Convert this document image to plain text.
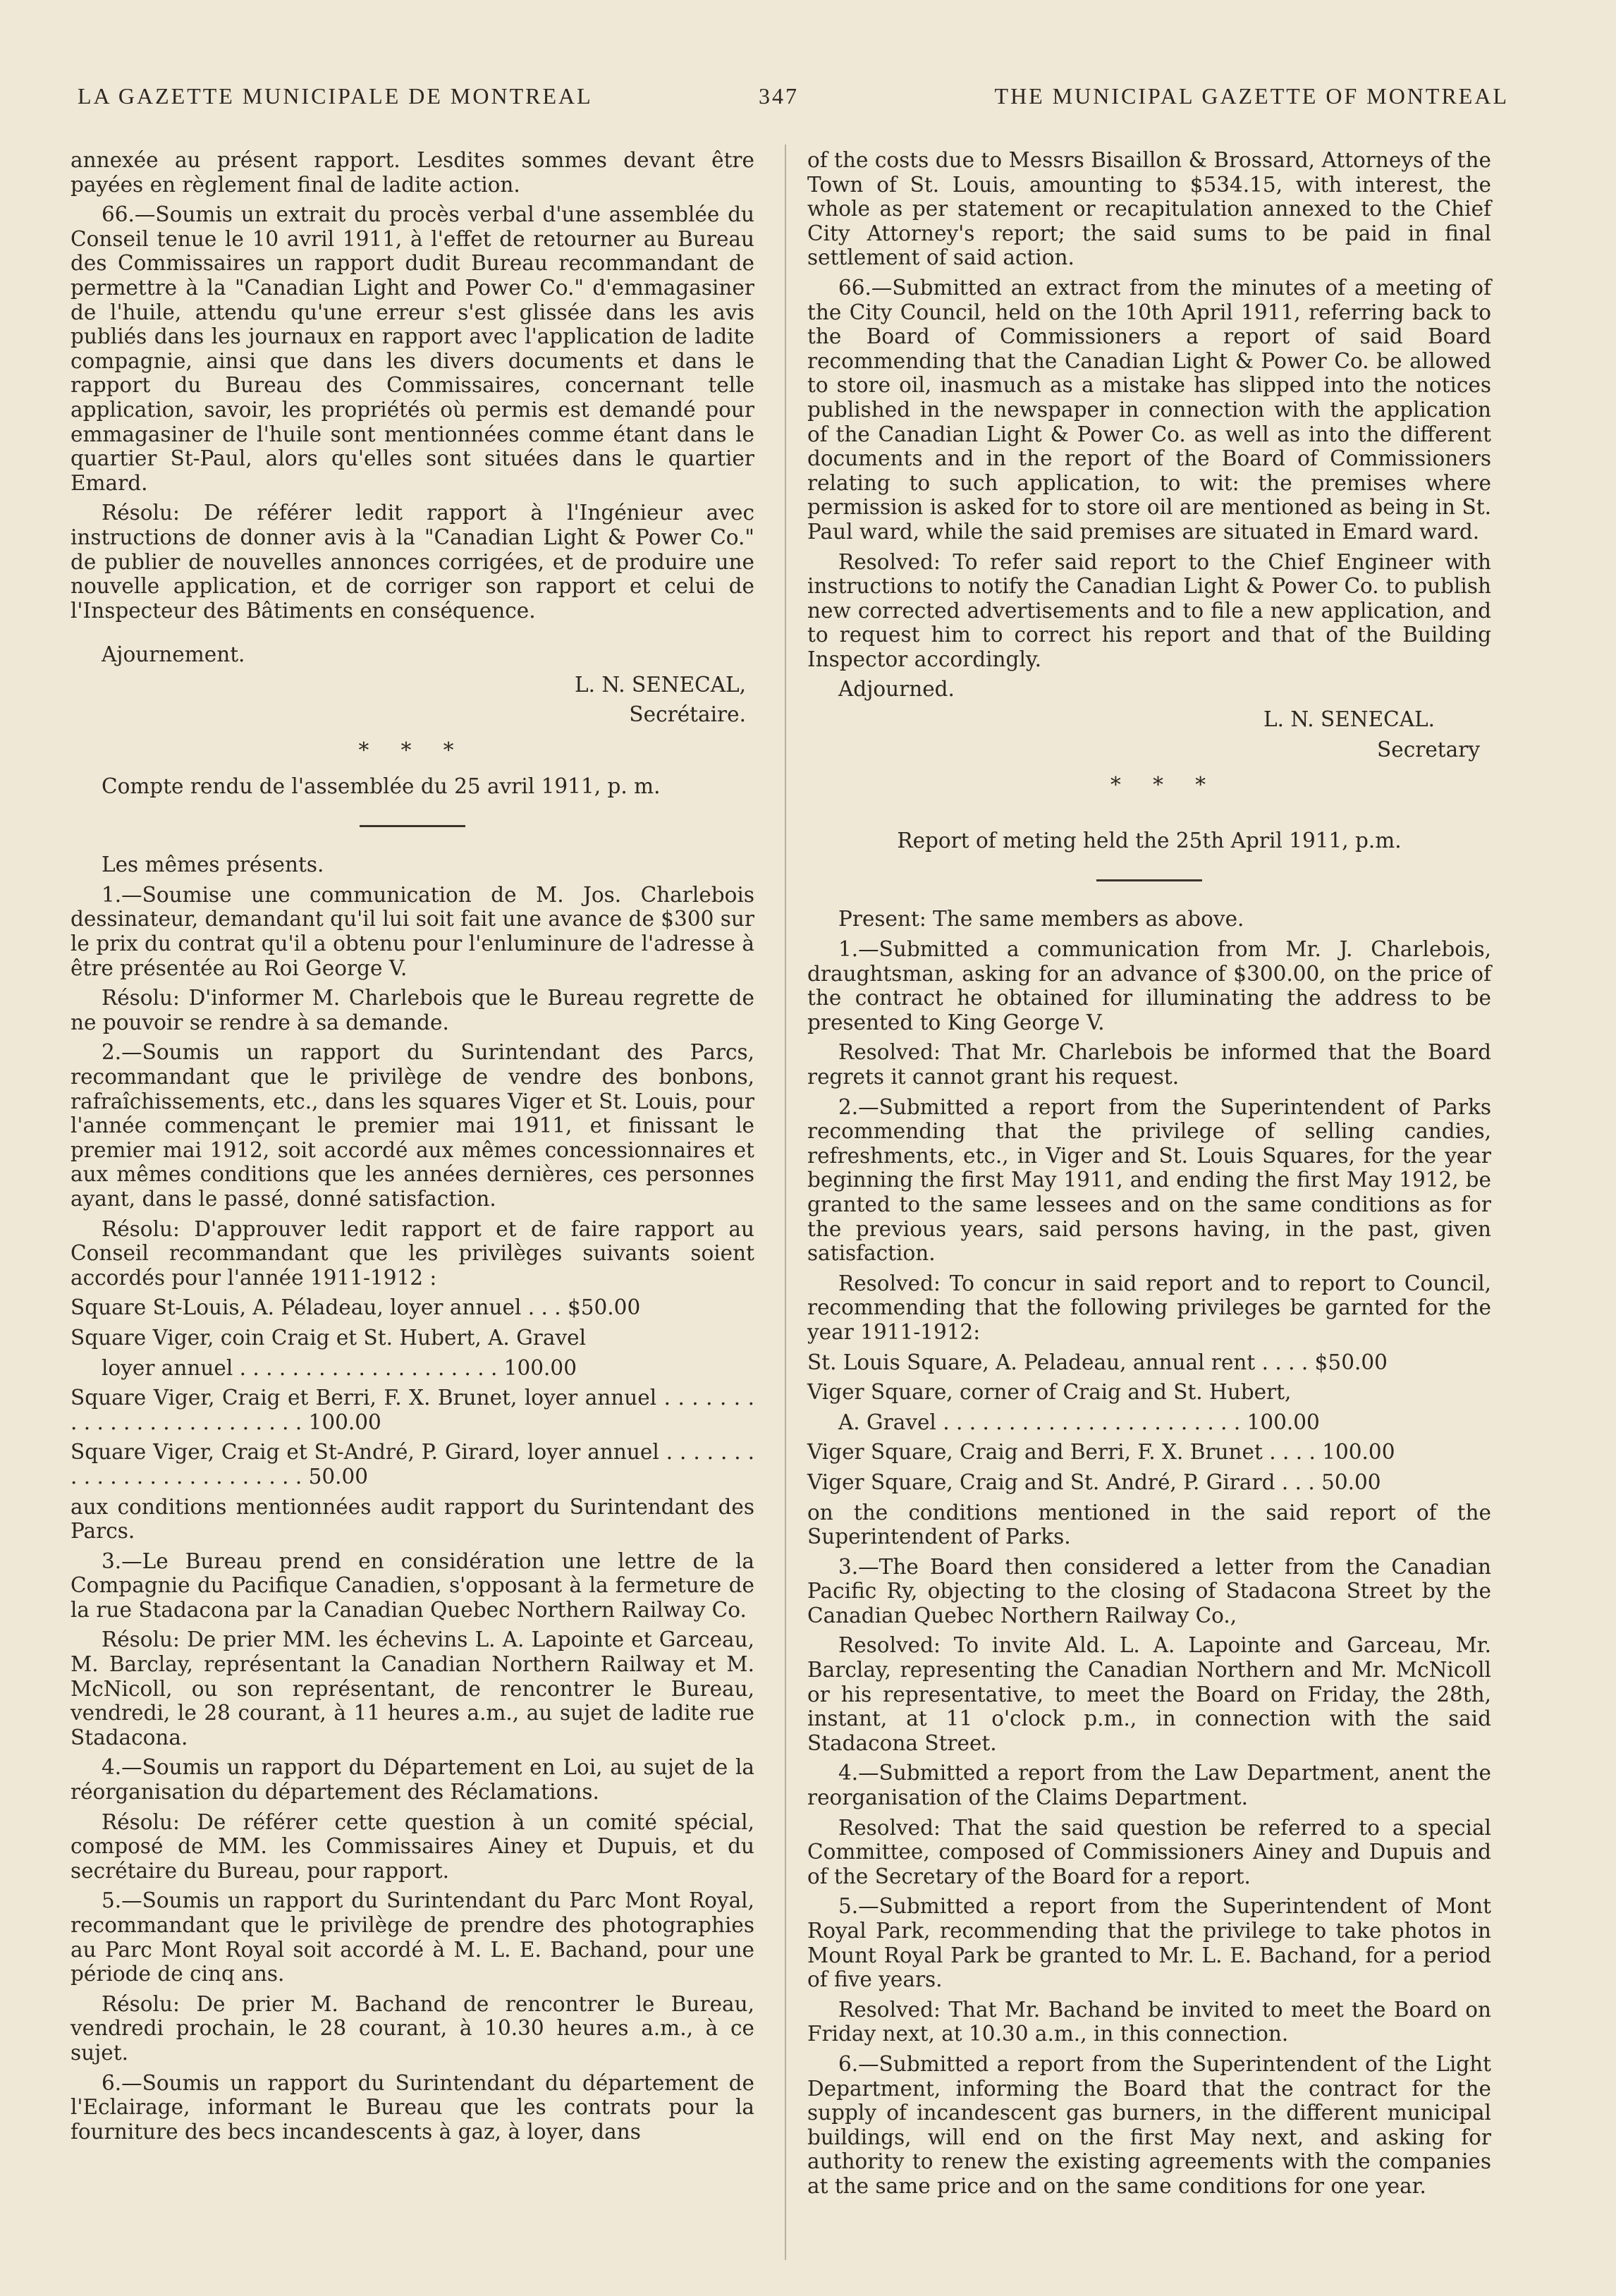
LA GAZETTE MUNICIPALE DE MONTREAL	347	THE MUNICIPAL GAZETTE OF MONTREAL

annexée au présent rapport. Lesdites sommes devant être payées en règlement final de ladite action.

66.—Soumis un extrait du procès verbal d'une assemblée du Conseil tenue le 10 avril 1911, à l'effet de retourner au Bureau des Commissaires un rapport dudit Bureau recommandant de permettre à la "Canadian Light and Power Co." d'emmagasiner de l'huile, attendu qu'une erreur s'est glissée dans les avis publiés dans les journaux en rapport avec l'application de ladite compagnie, ainsi que dans les divers documents et dans le rapport du Bureau des Commissaires, concernant telle application, savoir, les propriétés où permis est demandé pour emmagasiner de l'huile sont mentionnées comme étant dans le quartier St-Paul, alors qu'elles sont situées dans le quartier Emard.

Résolu: De référer ledit rapport à l'Ingénieur avec instructions de donner avis à la "Canadian Light & Power Co." de publier de nouvelles annonces corrigées, et de produire une nouvelle application, et de corriger son rapport et celui de l'Inspecteur des Bâtiments en conséquence.

Ajournement.

L. N. SENECAL,

Secrétaire.

* * *

Compte rendu de l'assemblée du 25 avril 1911, p. m.

Les mêmes présents.

1.—Soumise une communication de M. Jos. Charlebois dessinateur, demandant qu'il lui soit fait une avance de $300 sur le prix du contrat qu'il a obtenu pour l'enluminure de l'adresse à être présentée au Roi George V.

Résolu: D'informer M. Charlebois que le Bureau regrette de ne pouvoir se rendre à sa demande.

2.—Soumis un rapport du Surintendant des Parcs, recommandant que le privilège de vendre des bonbons, rafraîchissements, etc., dans les squares Viger et St. Louis, pour l'année commençant le premier mai 1911, et finissant le premier mai 1912, soit accordé aux mêmes concessionnaires et aux mêmes conditions que les années dernières, ces personnes ayant, dans le passé, donné satisfaction.

Résolu: D'approuver ledit rapport et de faire rapport au Conseil recommandant que les privilèges suivants soient accordés pour l'année 1911-1912 :

Square St-Louis, A. Péladeau, loyer annuel . . . $50.00

Square Viger, coin Craig et St. Hubert, A. Gravel

loyer annuel . . . . . . . . . . . . . . . . . . . . 100.00

Square Viger, Craig et Berri, F. X. Brunet, loyer annuel . . . . . . . . . . . . . . . . . . . . . . . . . 100.00

Square Viger, Craig et St-André, P. Girard, loyer annuel . . . . . . . . . . . . . . . . . . . . . . . . . 50.00

aux conditions mentionnées audit rapport du Surintendant des Parcs.

3.—Le Bureau prend en considération une lettre de la Compagnie du Pacifique Canadien, s'opposant à la fermeture de la rue Stadacona par la Canadian Quebec Northern Railway Co.

Résolu: De prier MM. les échevins L. A. Lapointe et Garceau, M. Barclay, représentant la Canadian Northern Railway et M. McNicoll, ou son représentant, de rencontrer le Bureau, vendredi, le 28 courant, à 11 heures a.m., au sujet de ladite rue Stadacona.

4.—Soumis un rapport du Département en Loi, au sujet de la réorganisation du département des Réclamations.

Résolu: De référer cette question à un comité spécial, composé de MM. les Commissaires Ainey et Dupuis, et du secrétaire du Bureau, pour rapport.

5.—Soumis un rapport du Surintendant du Parc Mont Royal, recommandant que le privilège de prendre des photographies au Parc Mont Royal soit accordé à M. L. E. Bachand, pour une période de cinq ans.

Résolu: De prier M. Bachand de rencontrer le Bureau, vendredi prochain, le 28 courant, à 10.30 heures a.m., à ce sujet.

6.—Soumis un rapport du Surintendant du département de l'Eclairage, informant le Bureau que les contrats pour la fourniture des becs incandescents à gaz, à loyer, dans

of the costs due to Messrs Bisaillon & Brossard, Attorneys of the Town of St. Louis, amounting to $534.15, with interest, the whole as per statement or recapitulation annexed to the Chief City Attorney's report; the said sums to be paid in final settlement of said action.

66.—Submitted an extract from the minutes of a meeting of the City Council, held on the 10th April 1911, referring back to the Board of Commissioners a report of said Board recommending that the Canadian Light & Power Co. be allowed to store oil, inasmuch as a mistake has slipped into the notices published in the newspaper in connection with the application of the Canadian Light & Power Co. as well as into the different documents and in the report of the Board of Commissioners relating to such application, to wit: the premises where permission is asked for to store oil are mentioned as being in St. Paul ward, while the said premises are situated in Emard ward.

Resolved: To refer said report to the Chief Engineer with instructions to notify the Canadian Light & Power Co. to publish new corrected advertisements and to file a new application, and to request him to correct his report and that of the Building Inspector accordingly.

Adjourned.

L. N. SENECAL.

Secretary

* * *

Report of meting held the 25th April 1911, p.m.

Present: The same members as above.

1.—Submitted a communication from Mr. J. Charlebois, draughtsman, asking for an advance of $300.00, on the price of the contract he obtained for illuminating the address to be presented to King George V.

Resolved: That Mr. Charlebois be informed that the Board regrets it cannot grant his request.

2.—Submitted a report from the Superintendent of Parks recommending that the privilege of selling candies, refreshments, etc., in Viger and St. Louis Squares, for the year beginning the first May 1911, and ending the first May 1912, be granted to the same lessees and on the same conditions as for the previous years, said persons having, in the past, given satisfaction.

Resolved: To concur in said report and to report to Council, recommending that the following privileges be garnted for the year 1911-1912:

St. Louis Square, A. Peladeau, annual rent . . . . $50.00

Viger Square, corner of Craig and St. Hubert,

A. Gravel . . . . . . . . . . . . . . . . . . . . . . . 100.00

Viger Square, Craig and Berri, F. X. Brunet . . . . 100.00

Viger Square, Craig and St. André, P. Girard . . . 50.00

on the conditions mentioned in the said report of the Superintendent of Parks.

3.—The Board then considered a letter from the Canadian Pacific Ry, objecting to the closing of Stadacona Street by the Canadian Quebec Northern Railway Co.,

Resolved: To invite Ald. L. A. Lapointe and Garceau, Mr. Barclay, representing the Canadian Northern and Mr. McNicoll or his representative, to meet the Board on Friday, the 28th, instant, at 11 o'clock p.m., in connection with the said Stadacona Street.

4.—Submitted a report from the Law Department, anent the reorganisation of the Claims Department.

Resolved: That the said question be referred to a special Committee, composed of Commissioners Ainey and Dupuis and of the Secretary of the Board for a report.

5.—Submitted a report from the Superintendent of Mont Royal Park, recommending that the privilege to take photos in Mount Royal Park be granted to Mr. L. E. Bachand, for a period of five years.

Resolved: That Mr. Bachand be invited to meet the Board on Friday next, at 10.30 a.m., in this connection.

6.—Submitted a report from the Superintendent of the Light Department, informing the Board that the contract for the supply of incandescent gas burners, in the different municipal buildings, will end on the first May next, and asking for authority to renew the existing agreements with the companies at the same price and on the same conditions for one year.
